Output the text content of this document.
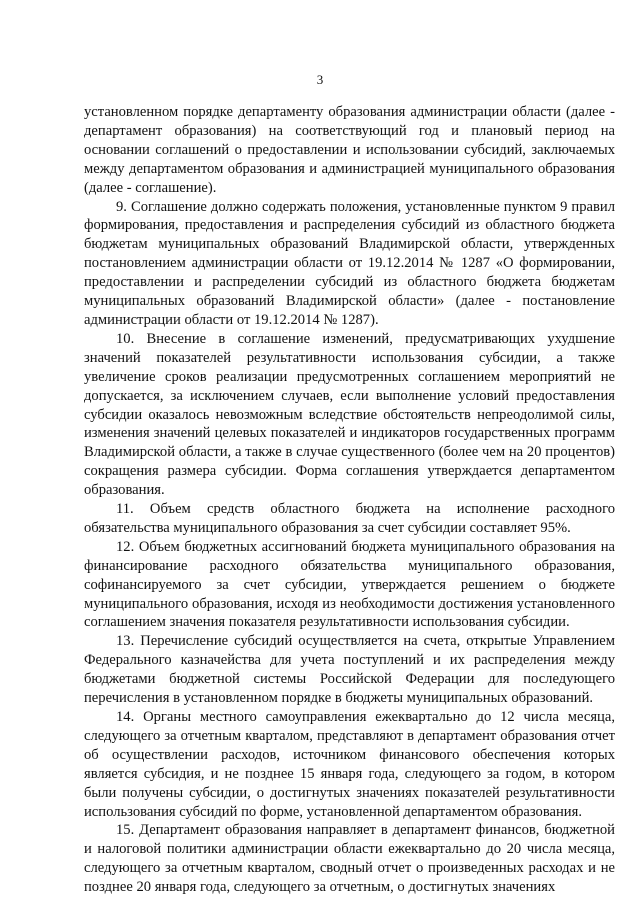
3

установленном порядке департаменту образования администрации области (далее - департамент образования) на соответствующий год и плановый период на основании соглашений о предоставлении и использовании субсидий, заключаемых между департаментом образования и администрацией муниципального образования (далее - соглашение).

9. Соглашение должно содержать положения, установленные пунктом 9 правил формирования, предоставления и распределения субсидий из областного бюджета бюджетам муниципальных образований Владимирской области, утвержденных постановлением администрации области от 19.12.2014 № 1287 «О формировании, предоставлении и распределении субсидий из областного бюджета бюджетам муниципальных образований Владимирской области» (далее - постановление администрации области от 19.12.2014 № 1287).

10. Внесение в соглашение изменений, предусматривающих ухудшение значений показателей результативности использования субсидии, а также увеличение сроков реализации предусмотренных соглашением мероприятий не допускается, за исключением случаев, если выполнение условий предоставления субсидии оказалось невозможным вследствие обстоятельств непреодолимой силы, изменения значений целевых показателей и индикаторов государственных программ Владимирской области, а также в случае существенного (более чем на 20 процентов) сокращения размера субсидии. Форма соглашения утверждается департаментом образования.

11. Объем средств областного бюджета на исполнение расходного обязательства муниципального образования за счет субсидии составляет 95%.

12. Объем бюджетных ассигнований бюджета муниципального образования на финансирование расходного обязательства муниципального образования, софинансируемого за счет субсидии, утверждается решением о бюджете муниципального образования, исходя из необходимости достижения установленного соглашением значения показателя результативности использования субсидии.

13. Перечисление субсидий осуществляется на счета, открытые Управлением Федерального казначейства для учета поступлений и их распределения между бюджетами бюджетной системы Российской Федерации для последующего перечисления в установленном порядке в бюджеты муниципальных образований.

14. Органы местного самоуправления ежеквартально до 12 числа месяца, следующего за отчетным кварталом, представляют в департамент образования отчет об осуществлении расходов, источником финансового обеспечения которых является субсидия, и не позднее 15 января года, следующего за годом, в котором были получены субсидии, о достигнутых значениях показателей результативности использования субсидий по форме, установленной департаментом образования.

15. Департамент образования направляет в департамент финансов, бюджетной и налоговой политики администрации области ежеквартально до 20 числа месяца, следующего за отчетным кварталом, сводный отчет о произведенных расходах и не позднее 20 января года, следующего за отчетным, о достигнутых значениях
